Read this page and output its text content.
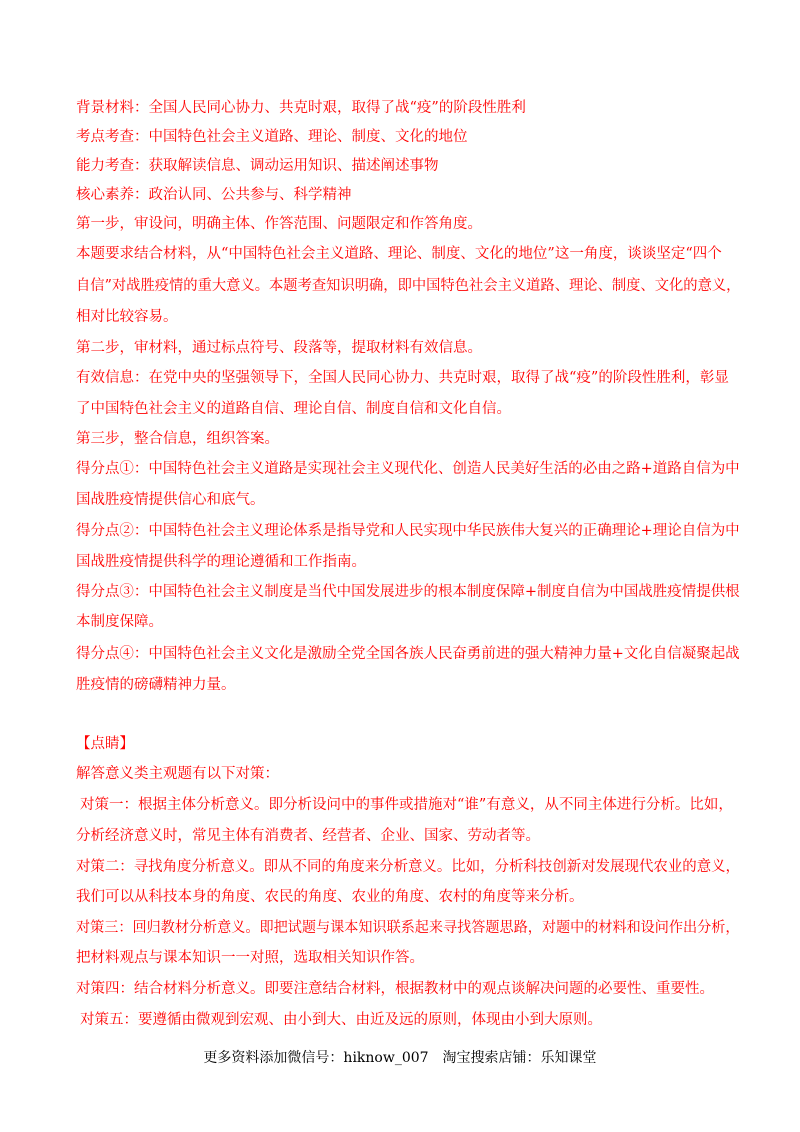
背景材料：全国人民同心协力、共克时艰，取得了战“疫”的阶段性胜利
考点考查：中国特色社会主义道路、理论、制度、文化的地位
能力考查：获取解读信息、调动运用知识、描述阐述事物
核心素养：政治认同、公共参与、科学精神
第一步，审设问，明确主体、作答范围、问题限定和作答角度。
本题要求结合材料，从“中国特色社会主义道路、理论、制度、文化的地位”这一角度，谈谈坚定“四个
自信”对战胜疫情的重大意义。本题考查知识明确，即中国特色社会主义道路、理论、制度、文化的意义，
相对比较容易。
第二步，审材料，通过标点符号、段落等，提取材料有效信息。
有效信息：在党中央的坚强领导下，全国人民同心协力、共克时艰，取得了战“疫”的阶段性胜利，彰显
了中国特色社会主义的道路自信、理论自信、制度自信和文化自信。
第三步，整合信息，组织答案。
得分点①：中国特色社会主义道路是实现社会主义现代化、创造人民美好生活的必由之路+道路自信为中
国战胜疫情提供信心和底气。
得分点②：中国特色社会主义理论体系是指导党和人民实现中华民族伟大复兴的正确理论+理论自信为中
国战胜疫情提供科学的理论遵循和工作指南。
得分点③：中国特色社会主义制度是当代中国发展进步的根本制度保障+制度自信为中国战胜疫情提供根
本制度保障。
得分点④：中国特色社会主义文化是激励全党全国各族人民奋勇前进的强大精神力量+文化自信凝聚起战
胜疫情的磅礴精神力量。
【点睛】
解答意义类主观题有以下对策：
对策一：根据主体分析意义。即分析设问中的事件或措施对“谁”有意义，从不同主体进行分析。比如，
分析经济意义时，常见主体有消费者、经营者、企业、国家、劳动者等。
对策二：寻找角度分析意义。即从不同的角度来分析意义。比如，分析科技创新对发展现代农业的意义，
我们可以从科技本身的角度、农民的角度、农业的角度、农村的角度等来分析。
对策三：回归教材分析意义。即把试题与课本知识联系起来寻找答题思路，对题中的材料和设问作出分析，
把材料观点与课本知识一一对照，选取相关知识作答。
对策四：结合材料分析意义。即要注意结合材料，根据教材中的观点谈解决问题的必要性、重要性。
对策五：要遵循由微观到宏观、由小到大、由近及远的原则，体现由小到大原则。
更多资料添加微信号：hiknow_007　淘宝搜索店铺：乐知课堂
